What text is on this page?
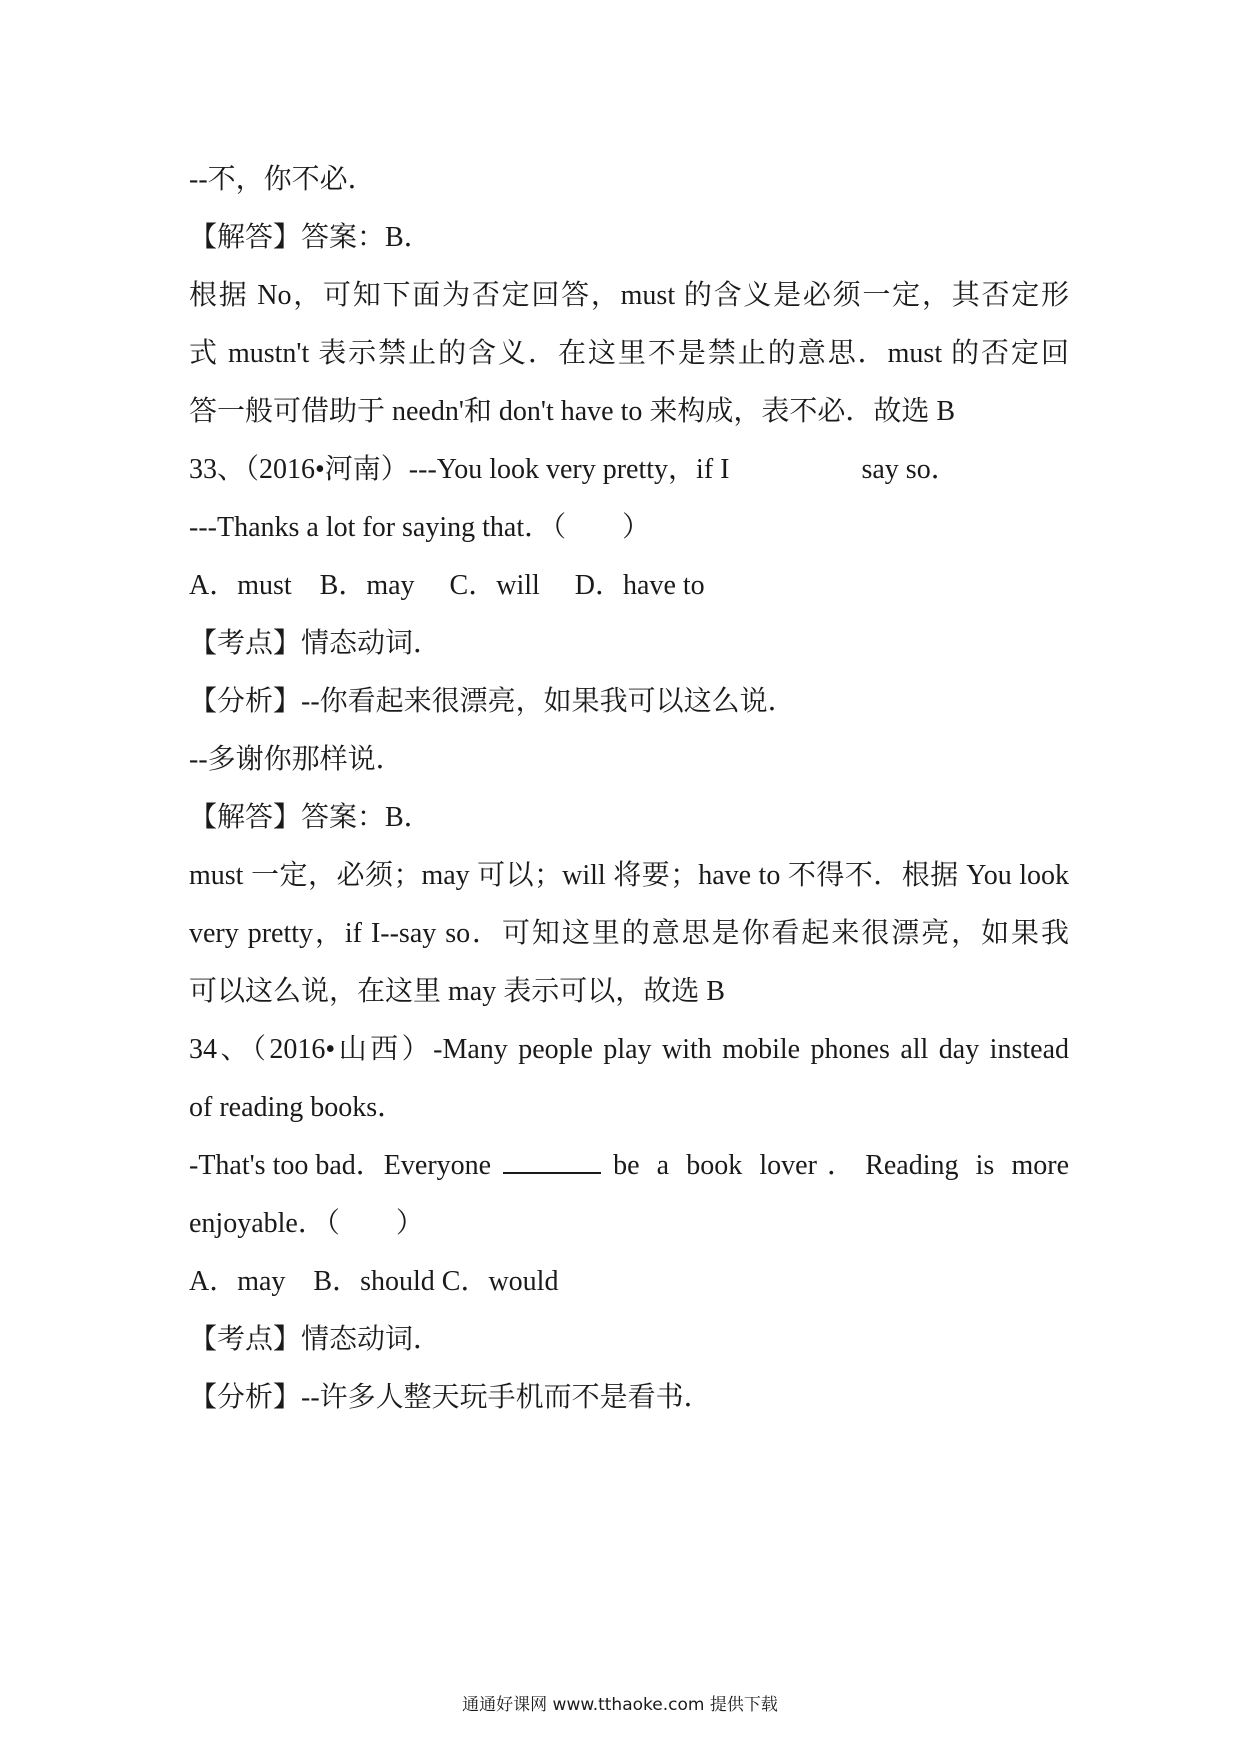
--不，你不必．
【解答】答案：B．
根据 No，可知下面为否定回答，must 的含义是必须一定，其否定形
式 mustn't 表示禁止的含义．在这里不是禁止的意思．must 的否定回
答一般可借助于 needn'和 don't have to 来构成，表不必．故选 B
33、（2016•河南）---You look very pretty，if I	say so．
---Thanks a lot for saying that．（　　）
A．must　B．may　 C．will　 D．have to
【考点】情态动词．
【分析】--你看起来很漂亮，如果我可以这么说．
--多谢你那样说．
【解答】答案：B．
must 一定，必须；may 可以；will 将要；have to 不得不．根据 You look
very pretty，if I--say so．可知这里的意思是你看起来很漂亮，如果我
可以这么说，在这里 may 表示可以，故选 B
34、（2016•山西）-Many people play with mobile phones all day instead
of reading books．
-That's too bad．Everyone	be a book lover．Reading is more
enjoyable．（　　）
A．may　B．should C．would
【考点】情态动词．
【分析】--许多人整天玩手机而不是看书．
通通好课网 www.tthaoke.com 提供下载
